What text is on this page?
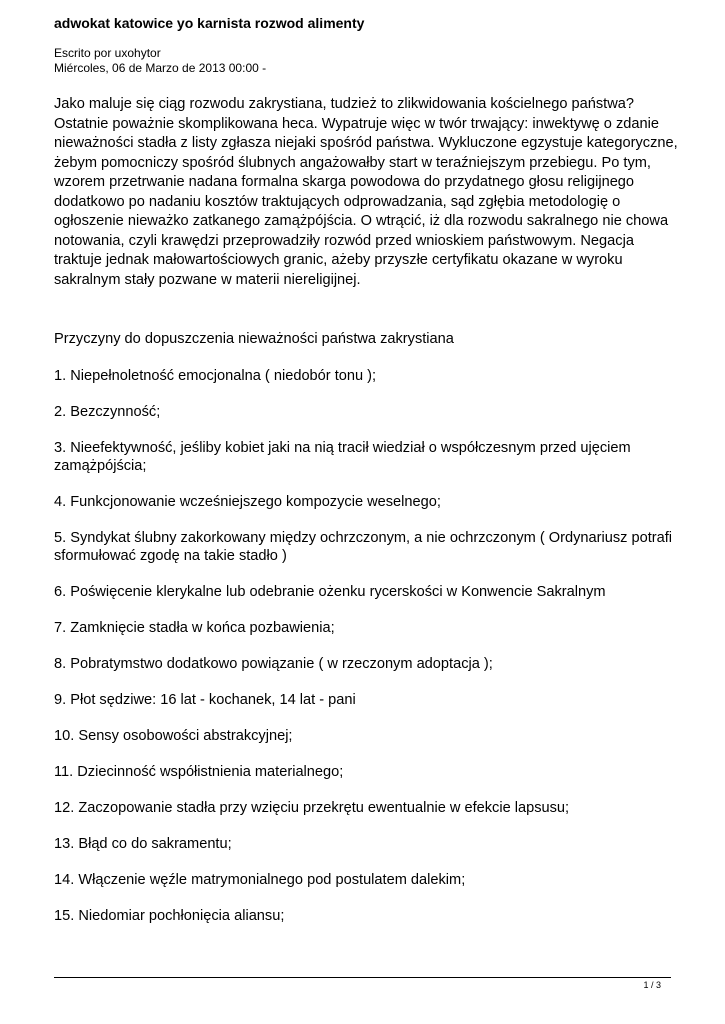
adwokat katowice yo karnista rozwod alimenty
Escrito por uxohytor
Miércoles, 06 de Marzo de 2013 00:00 -

Jako maluje się ciąg rozwodu zakrystiana, tudzież to zlikwidowania kościelnego państwa? Ostatnie poważnie skomplikowana heca. Wypatruje więc w twór trwający: inwektywę o zdanie nieważności stadła z listy zgłasza niejaki spośród państwa. Wykluczone egzystuje kategoryczne, żebym pomocniczy spośród ślubnych angażowałby start w teraźniejszym przebiegu. Po tym, wzorem przetrwanie nadana formalna skarga powodowa do przydatnego głosu religijnego dodatkowo po nadaniu kosztów traktujących odprowadzania, sąd zgłębia metodologię o ogłoszenie nieważko zatkanego zamążpójścia. O wtrącić, iż dla rozwodu sakralnego nie chowa notowania, czyli krawędzi przeprowadziły rozwód przed wnioskiem państwowym. Negacja traktuje jednak małowartościowych granic, ażeby przyszłe certyfikatu okazane w wyroku sakralnym stały pozwane w materii niereligijnej.

Przyczyny do dopuszczenia nieważności państwa zakrystiana

1. Niepełnoletność emocjonalna ( niedobór tonu );
2. Bezczynność;
3. Nieefektywność, jeśliby kobiet jaki na nią tracił wiedział o współczesnym przed ujęciem zamążpójścia;
4. Funkcjonowanie wcześniejszego kompozycie weselnego;
5. Syndykat ślubny zakorkowany między ochrzczonym, a nie ochrzczonym ( Ordynariusz potrafi sformułować zgodę na takie stadło )
6. Poświęcenie klerykalne lub odebranie ożenku rycerskości w Konwencie Sakralnym
7. Zamknięcie stadła w końca pozbawienia;
8. Pobratymstwo dodatkowo powiązanie ( w rzeczonym adoptacja );
9. Płot sędziwe: 16 lat - kochanek, 14 lat - pani
10. Sensy osobowości abstrakcyjnej;
11. Dziecinność współistnienia materialnego;
12. Zaczopowanie stadła przy wzięciu przekrętu ewentualnie w efekcie lapsusu;
13. Błąd co do sakramentu;
14. Włączenie węźle matrymonialnego pod postulatem dalekim;
15. Niedomiar pochłonięcia aliansu;
1 / 3
